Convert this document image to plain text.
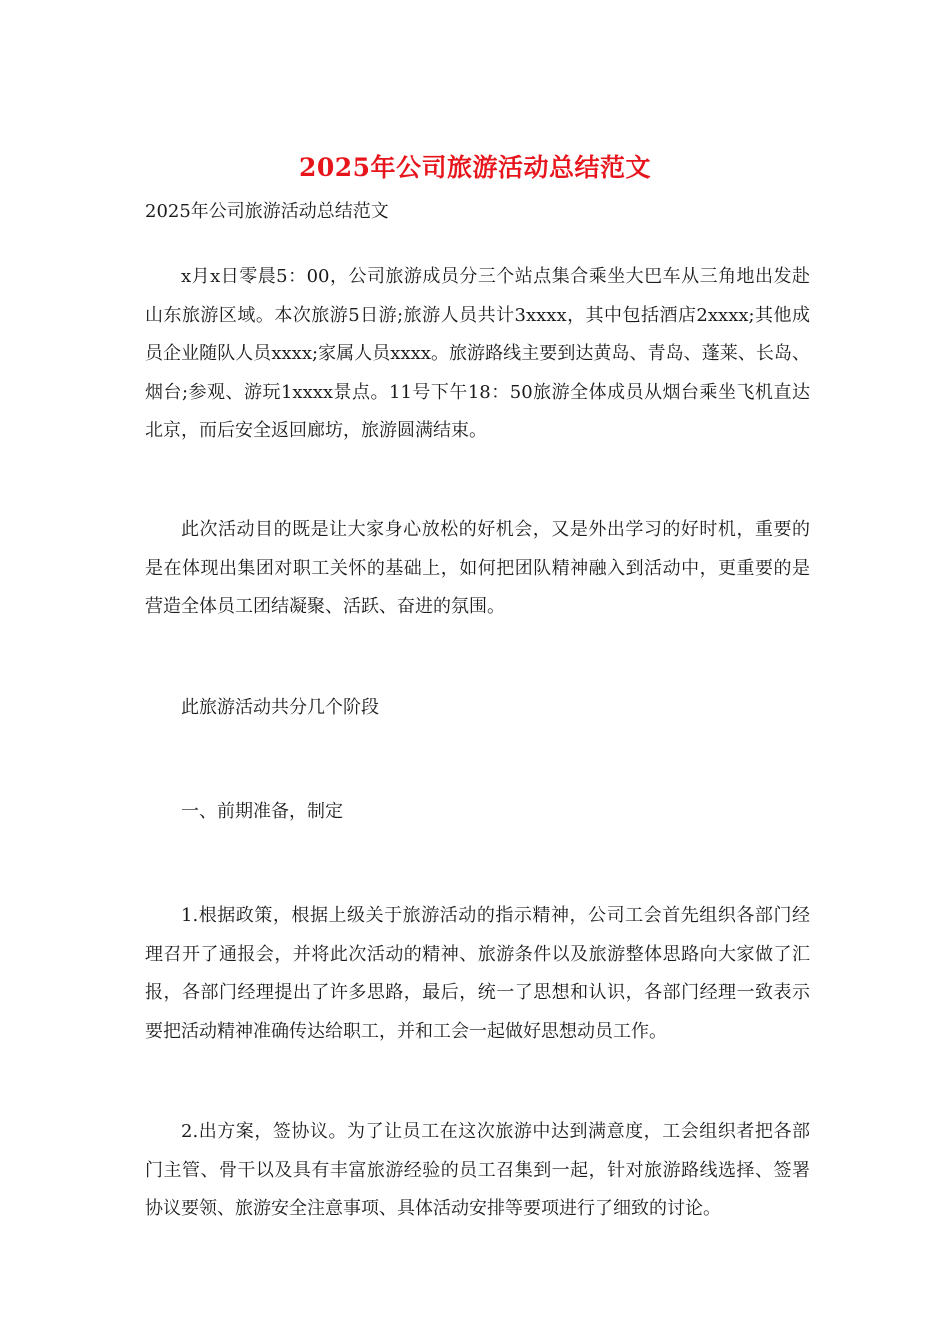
2025年公司旅游活动总结范文

2025年公司旅游活动总结范文

x月x日零晨5：00，公司旅游成员分三个站点集合乘坐大巴车从三角地出发赴山东旅游区域。本次旅游5日游;旅游人员共计3xxxx，其中包括酒店2xxxx;其他成员企业随队人员xxxx;家属人员xxxx。旅游路线主要到达黄岛、青岛、蓬莱、长岛、烟台;参观、游玩1xxxx景点。11号下午18：50旅游全体成员从烟台乘坐飞机直达北京，而后安全返回廊坊，旅游圆满结束。

此次活动目的既是让大家身心放松的好机会，又是外出学习的好时机，重要的是在体现出集团对职工关怀的基础上，如何把团队精神融入到活动中，更重要的是营造全体员工团结凝聚、活跃、奋进的氛围。

此旅游活动共分几个阶段

一、前期准备，制定

1.根据政策，根据上级关于旅游活动的指示精神，公司工会首先组织各部门经理召开了通报会，并将此次活动的精神、旅游条件以及旅游整体思路向大家做了汇报，各部门经理提出了许多思路，最后，统一了思想和认识，各部门经理一致表示要把活动精神准确传达给职工，并和工会一起做好思想动员工作。

2.出方案，签协议。为了让员工在这次旅游中达到满意度，工会组织者把各部门主管、骨干以及具有丰富旅游经验的员工召集到一起，针对旅游路线选择、签署协议要领、旅游安全注意事项、具体活动安排等要项进行了细致的讨论。
